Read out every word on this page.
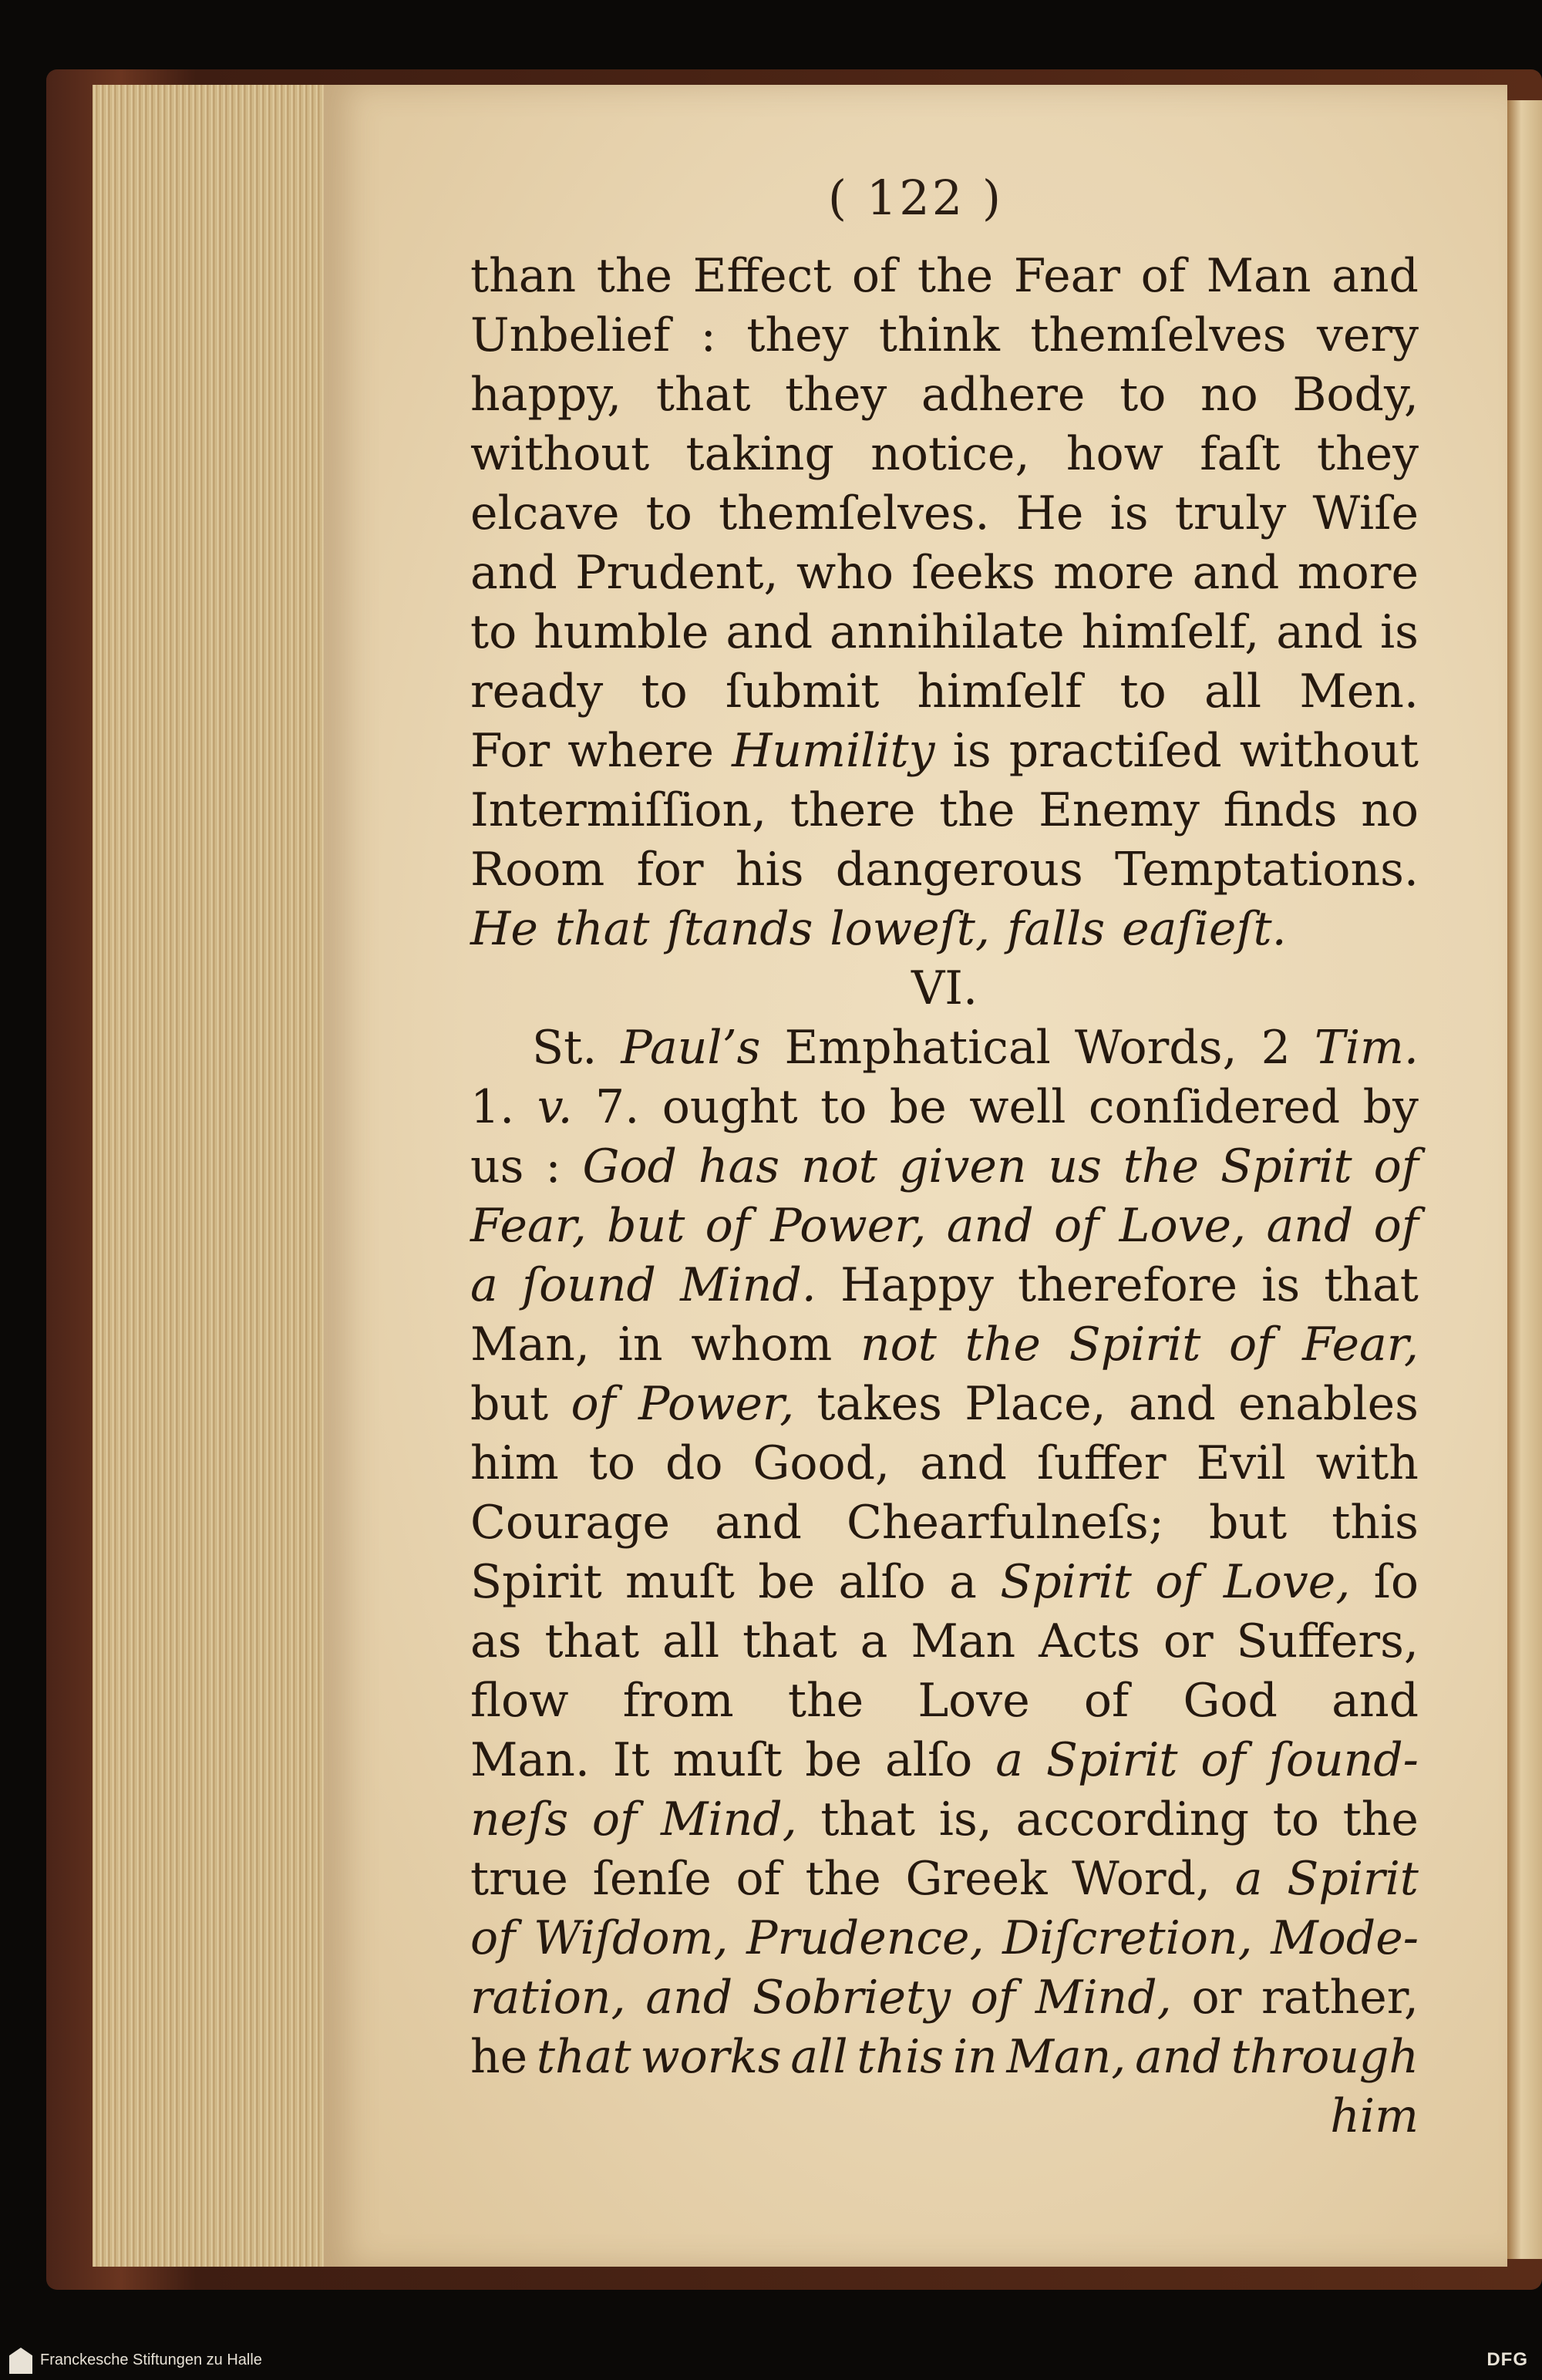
( 122 )
than the Effect of the Fear of Man and
Unbelief : they think themſelves very
happy, that they adhere to no Body,
without taking notice, how faſt they
elcave to themſelves. He is truly Wiſe
and Prudent, who ſeeks more and more
to humble and annihilate himſelf, and is
ready to ſubmit himſelf to all Men.
For where Humility is practiſed without
Intermiſſion, there the Enemy finds no
Room for his dangerous Temptations.
He that ſtands loweſt, falls eaſieſt.
VI.
St. Paul’s Emphatical Words, 2 Tim.
1. v. 7. ought to be well conſidered by
us : God has not given us the Spirit of
Fear, but of Power, and of Love, and of
a ſound Mind. Happy therefore is that
Man, in whom not the Spirit of Fear,
but of Power, takes Place, and enables
him to do Good, and ſuffer Evil with
Courage and Chearfulneſs; but this
Spirit muſt be alſo a Spirit of Love, ſo
as that all that a Man Acts or Suffers,
flow from the Love of God and
Man. It muſt be alſo a Spirit of ſound-
neſs of Mind, that is, according to the
true ſenſe of the Greek Word, a Spirit
of Wiſdom, Prudence, Diſcretion, Mode-
ration, and Sobriety of Mind, or rather,
he that works all this in Man, and through
him
Franckesche Stiftungen zu Halle	DFG
